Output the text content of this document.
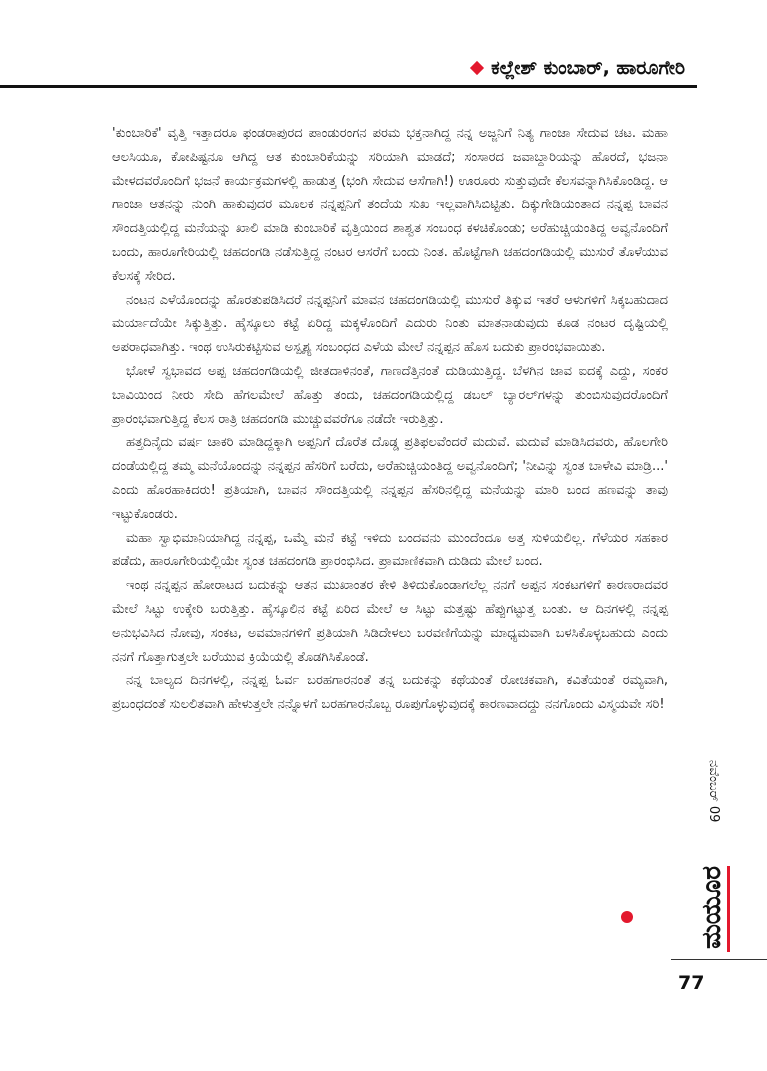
ಕಲ್ಲೇಶ್ ಕುಂಬಾರ್, ಹಾರೂಗೇರಿ

'ಕುಂಬಾರಿಕೆ' ವೃತ್ತಿ ಇತ್ತಾದರೂ ಫಂಡರಾಪುರದ ಪಾಂಡುರಂಗನ ಪರಮ ಭಕ್ತನಾಗಿದ್ದ ನನ್ನ ಅಜ್ಜನಿಗೆ ನಿತ್ಯ ಗಾಂಜಾ ಸೇದುವ ಚಟ. ಮಹಾ ಆಲಸಿಯೂ, ಕೋಪಿಷ್ಟನೂ ಆಗಿದ್ದ ಆತ ಕುಂಬಾರಿಕೆಯನ್ನು ಸರಿಯಾಗಿ ಮಾಡದೆ; ಸಂಸಾರದ ಜವಾಬ್ದಾರಿಯನ್ನು ಹೊರದೆ, ಭಜನಾ ಮೇಳದವರೊಂದಿಗೆ ಭಜನೆ ಕಾರ್ಯಕ್ರಮಗಳಲ್ಲಿ ಹಾಡುತ್ತ (ಭಂಗಿ ಸೇದುವ ಆಸೆಗಾಗಿ!) ಊರೂರು ಸುತ್ತುವುದೇ ಕೆಲಸವನ್ನಾಗಿಸಿಕೊಂಡಿದ್ದ. ಆ ಗಾಂಜಾ ಆತನನ್ನು ನುಂಗಿ ಹಾಕುವುದರ ಮೂಲಕ ನನ್ನಪ್ಪನಿಗೆ ತಂದೆಯ ಸುಖ ಇಲ್ಲವಾಗಿಸಿಬಿಟ್ಟಿತು. ದಿಕ್ಕುಗೇಡಿಯಂತಾದ ನನ್ನಪ್ಪ ಬಾವನ ಸೌಂದತ್ತಿಯಲ್ಲಿದ್ದ ಮನೆಯನ್ನು ಖಾಲಿ ಮಾಡಿ ಕುಂಬಾರಿಕೆ ವೃತ್ತಿಯಿಂದ ಶಾಶ್ವತ ಸಂಬಂಧ ಕಳಚಿಕೊಂಡು; ಅರೆಹುಚ್ಚಿಯಂತಿದ್ದ ಅವ್ವನೊಂದಿಗೆ ಬಂದು, ಹಾರೂಗೇರಿಯಲ್ಲಿ ಚಹದಂಗಡಿ ನಡೆಸುತ್ತಿದ್ದ ನಂಟರ ಆಸರೆಗೆ ಬಂದು ನಿಂತ. ಹೊಟ್ಟೆಗಾಗಿ ಚಹದಂಗಡಿಯಲ್ಲಿ ಮುಸುರೆ ತೊಳೆಯುವ ಕೆಲಸಕ್ಕೆ ಸೇರಿದ.

ನಂಟನ ಎಳೆಯೊಂದನ್ನು ಹೊರತುಪಡಿಸಿದರೆ ನನ್ನಪ್ಪನಿಗೆ ಮಾವನ ಚಹದಂಗಡಿಯಲ್ಲಿ ಮುಸುರೆ ತಿಕ್ಕುವ ಇತರೆ ಆಳುಗಳಿಗೆ ಸಿಕ್ಕಬಹುದಾದ ಮರ್ಯಾದೆಯೇ ಸಿಕ್ಕುತ್ತಿತ್ತು. ಹೈಸ್ಕೂಲು ಕಟ್ಟೆ ಏರಿದ್ದ ಮಕ್ಕಳೊಂದಿಗೆ ಎದುರು ನಿಂತು ಮಾತನಾಡುವುದು ಕೂಡ ನಂಟರ ದೃಷ್ಟಿಯಲ್ಲಿ ಅಪರಾಧವಾಗಿತ್ತು. ಇಂಥ ಉಸಿರುಕಟ್ಟಿಸುವ ಅಸ್ಪೃಶ್ಯ ಸಂಬಂಧದ ಎಳೆಯ ಮೇಲೆ ನನ್ನಪ್ಪನ ಹೊಸ ಬದುಕು ಪ್ರಾರಂಭವಾಯಿತು.

ಭೋಳೆ ಸ್ವಭಾವದ ಅಪ್ಪ ಚಹದಂಗಡಿಯಲ್ಲಿ ಜೀತದಾಳಿನಂತೆ, ಗಾಣದೆತ್ತಿನಂತೆ ದುಡಿಯುತ್ತಿದ್ದ. ಬೆಳಗಿನ ಜಾವ ಐದಕ್ಕೆ ಎದ್ದು, ಸಂಕರ ಬಾವಿಯಿಂದ ನೀರು ಸೇದಿ ಹೆಗಲಮೇಲೆ ಹೊತ್ತು ತಂದು, ಚಹದಂಗಡಿಯಲ್ಲಿದ್ದ ಡಬಲ್ ಬ್ಯಾರಲ್‌ಗಳನ್ನು ತುಂಬಿಸುವುದರೊಂದಿಗೆ ಪ್ರಾರಂಭವಾಗುತ್ತಿದ್ದ ಕೆಲಸ ರಾತ್ರಿ ಚಹದಂಗಡಿ ಮುಚ್ಚುವವರೆಗೂ ನಡೆದೇ ಇರುತ್ತಿತ್ತು.

ಹತ್ತದಿನೈದು ವರ್ಷ ಚಾಕರಿ ಮಾಡಿದ್ದಕ್ಕಾಗಿ ಅಪ್ಪನಿಗೆ ದೊರೆತ ದೊಡ್ಡ ಪ್ರತಿಫಲವೆಂದರೆ ಮದುವೆ. ಮದುವೆ ಮಾಡಿಸಿದವರು, ಹೊಲಗೇರಿ ದಂಡೆಯಲ್ಲಿದ್ದ ತಮ್ಮ ಮನೆಯೊಂದನ್ನು ನನ್ನಪ್ಪನ ಹೆಸರಿಗೆ ಬರೆದು, ಅರೆಹುಚ್ಚಿಯಂತಿದ್ದ ಅವ್ವನೊಂದಿಗೆ; 'ನೀವಿನ್ನು ಸ್ವಂತ ಬಾಳೇವಿ ಮಾಡ್ರಿ...' ಎಂದು ಹೊರಹಾಕಿದರು! ಪ್ರತಿಯಾಗಿ, ಬಾವನ ಸೌಂದತ್ತಿಯಲ್ಲಿ ನನ್ನಪ್ಪನ ಹೆಸರಿನಲ್ಲಿದ್ದ ಮನೆಯನ್ನು ಮಾರಿ ಬಂದ ಹಣವನ್ನು ತಾವು ಇಟ್ಟುಕೊಂಡರು.

ಮಹಾ ಸ್ವಾಭಿಮಾನಿಯಾಗಿದ್ದ ನನ್ನಪ್ಪ, ಒಮ್ಮೆ ಮನೆ ಕಟ್ಟೆ ಇಳಿದು ಬಂದವನು ಮುಂದೆಂದೂ ಅತ್ತ ಸುಳಿಯಲಿಲ್ಲ. ಗೆಳೆಯರ ಸಹಕಾರ ಪಡೆದು, ಹಾರೂಗೇರಿಯಲ್ಲಿಯೇ ಸ್ವಂತ ಚಹದಂಗಡಿ ಪ್ರಾರಂಭಿಸಿದ. ಪ್ರಾಮಾಣಿಕವಾಗಿ ದುಡಿದು ಮೇಲೆ ಬಂದ.

ಇಂಥ ನನ್ನಪ್ಪನ ಹೋರಾಟದ ಬದುಕನ್ನು ಆತನ ಮುಖಾಂತರ ಕೇಳಿ ತಿಳಿದುಕೊಂಡಾಗಲೆಲ್ಲ ನನಗೆ ಅಪ್ಪನ ಸಂಕಟಗಳಿಗೆ ಕಾರಣರಾದವರ ಮೇಲೆ ಸಿಟ್ಟು ಉಕ್ಕೇರಿ ಬರುತ್ತಿತ್ತು. ಹೈಸ್ಕೂಲಿನ ಕಟ್ಟೆ ಏರಿದ ಮೇಲೆ ಆ ಸಿಟ್ಟು ಮತ್ತಷ್ಟು ಹೆಪ್ಪುಗಟ್ಟುತ್ತ ಬಂತು. ಆ ದಿನಗಳಲ್ಲಿ ನನ್ನಪ್ಪ ಅನುಭವಿಸಿದ ನೋವು, ಸಂಕಟ, ಅವಮಾನಗಳಿಗೆ ಪ್ರತಿಯಾಗಿ ಸಿಡಿದೇಳಲು ಬರವಣಿಗೆಯನ್ನು ಮಾಧ್ಯಮವಾಗಿ ಬಳಸಿಕೊಳ್ಳಬಹುದು ಎಂದು ನನಗೆ ಗೊತ್ತಾಗುತ್ತಲೇ ಬರೆಯುವ ಕ್ರಿಯೆಯಲ್ಲಿ ತೊಡಗಿಸಿಕೊಂಡೆ.

ನನ್ನ ಬಾಲ್ಯದ ದಿನಗಳಲ್ಲಿ, ನನ್ನಪ್ಪ ಓರ್ವ ಬರಹಗಾರನಂತೆ ತನ್ನ ಬದುಕನ್ನು ಕಥೆಯಂತೆ ರೋಚಕವಾಗಿ, ಕವಿತೆಯಂತೆ ರಮ್ಯವಾಗಿ, ಪ್ರಬಂಧದಂತೆ ಸುಲಲಿತವಾಗಿ ಹೇಳುತ್ತಲೇ ನನ್ನೊಳಗೆ ಬರಹಗಾರನೊಬ್ಬ ರೂಪುಗೊಳ್ಳುವುದಕ್ಕೆ ಕಾರಣವಾದದ್ದು ನನಗೊಂದು ವಿಸ್ಮಯವೇ ಸರಿ!

ನವೆಂಬರ್ 09
ಮಯೂರ
77
